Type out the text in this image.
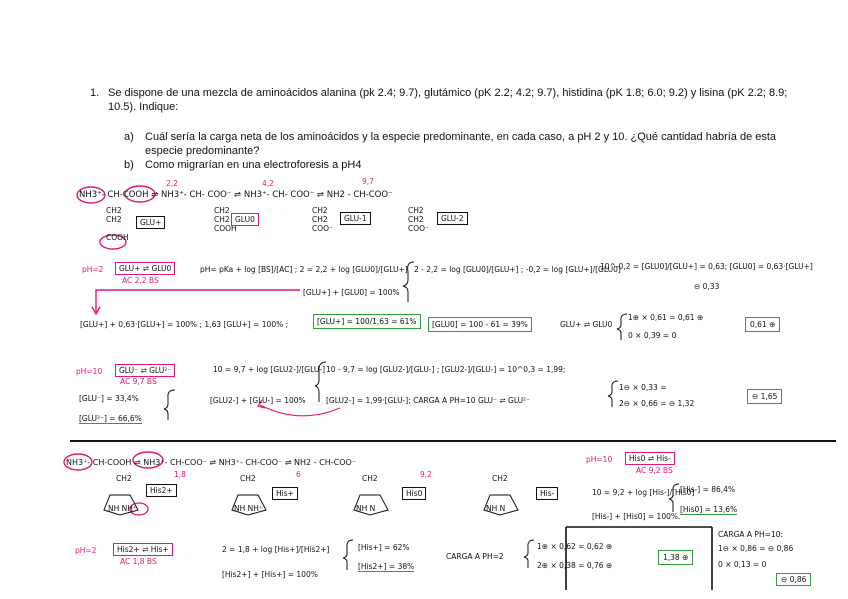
1. Se dispone de una mezcla de aminoácidos alanina (pk 2.4; 9.7), glutámico (pK 2.2; 4.2; 9.7), histidina (pK 1.8; 6.0; 9.2) y lisina (pK 2.2; 8.9; 10.5). Indique:
a) Cuál sería la carga neta de los aminoácidos y la especie predominante, en cada caso, a pH 2 y 10. ¿Qué cantidad habría de esta especie predominante?
b) Como migrarían en una electroforesis a pH4
NH3⁺- CH-COOH ⇌ NH3⁺- CH- COO⁻ ⇌ NH3⁺- CH- COO⁻ ⇌ NH2 - CH-COO⁻
2,2	4,2	9,7
CH2
CH2

COOH
CH2
CH2
COOH
CH2
CH2
COO⁻
CH2
CH2
COO⁻
GLU+	GLU0	GLU-1	GLU-2
pH=2	GLU+ ⇌ GLU0
AC 2,2 BS
pH= pKa + log [BS]/[AC] ; 2 = 2,2 + log [GLU0]/[GLU+] 2 - 2,2 = log [GLU0]/[GLU+] ; -0,2 = log [GLU+]/[GLU0]
10^-0,2 = [GLU0]/[GLU+] = 0,63; [GLU0] = 0,63·[GLU+]
⊖ 0,33
[GLU+] + [GLU0] = 100%
[GLU+] + 0,63·[GLU+] = 100% ; 1,63 [GLU+] = 100% ;	[GLU+] = 100/1,63 = 61%	[GLU0] = 100 - 61 = 39%	GLU+ ⇌ GLU0
1⊕ × 0,61 = 0,61 ⊕
0 × 0,39 = 0
0,61 ⊕
pH=10	GLU⁻ ⇌ GLU²⁻
AC 9,7 BS
10 = 9,7 + log [GLU2-]/[GLU-] 10 - 9,7 = log [GLU2-]/[GLU-] ; [GLU2-]/[GLU-] = 10^0,3 = 1,99;
[GLU2-] + [GLU-] = 100%	[GLU2-] = 1,99·[GLU-]; CARGA A PH=10 GLU⁻ ⇌ GLU²⁻
[GLU⁻] = 33,4%
[GLU²⁻] = 66,6%
1⊖ × 0,33 =
2⊖ × 0,66 = ⊖ 1,32
⊖ 1,65
NH3⁺- CH-COOH ⇌ NH3⁺- CH-COO⁻ ⇌ NH3⁺- CH-COO⁻ ⇌ NH2 - CH-COO⁻
1,8	6	9,2
CH2	CH2	CH2	CH2
His2+	His+	His0	His-
NH NH⁺	NH NH⁺	NH N	NH N
pH=10	His0 ⇌ His-
AC 9,2 BS
10 = 9,2 + log [His-]/[His0]
[His-] + [His0] = 100%.
[His-] = 86,4%
[His0] = 13,6%
pH=2	His2+ ⇌ His+
AC 1,8 BS
2 = 1,8 + log [His+]/[His2+]
[His2+] + [His+] = 100%
[His+] = 62%
[His2+] = 38%
CARGA A PH=2
1⊕ × 0,62 = 0,62 ⊕
2⊕ × 0,38 = 0,76 ⊕
1,38 ⊕
CARGA A PH=10:
1⊖ × 0,86 = ⊖ 0,86
0 × 0,13 = 0
⊖ 0,86
